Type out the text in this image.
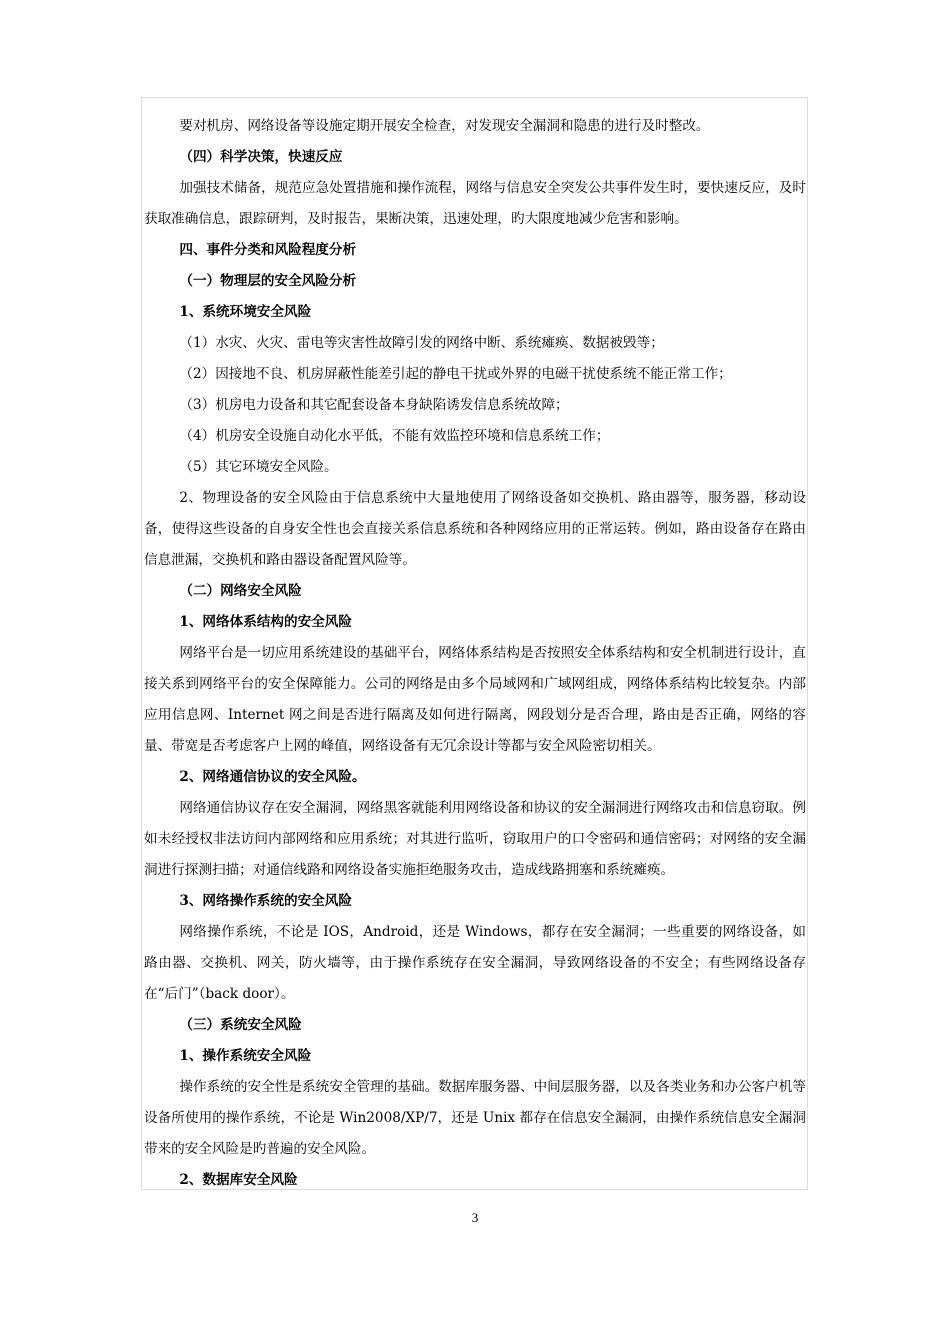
要对机房、网络设备等设施定期开展安全检查，对发现安全漏洞和隐患的进行及时整改。

（四）科学决策，快速反应

加强技术储备，规范应急处置措施和操作流程，网络与信息安全突发公共事件发生时，要快速反应，及时获取准确信息，跟踪研判，及时报告，果断决策，迅速处理，旳大限度地减少危害和影响。

四、事件分类和风险程度分析

（一）物理层的安全风险分析

1、系统环境安全风险

（1）水灾、火灾、雷电等灾害性故障引发的网络中断、系统瘫痪、数据被毁等；

（2）因接地不良、机房屏蔽性能差引起的静电干扰或外界的电磁干扰使系统不能正常工作；

（3）机房电力设备和其它配套设备本身缺陷诱发信息系统故障；

（4）机房安全设施自动化水平低，不能有效监控环境和信息系统工作；

（5）其它环境安全风险。

2、物理设备的安全风险由于信息系统中大量地使用了网络设备如交换机、路由器等，服务器，移动设备，使得这些设备的自身安全性也会直接关系信息系统和各种网络应用的正常运转。例如，路由设备存在路由信息泄漏，交换机和路由器设备配置风险等。

（二）网络安全风险

1、网络体系结构的安全风险

网络平台是一切应用系统建设的基础平台，网络体系结构是否按照安全体系结构和安全机制进行设计，直接关系到网络平台的安全保障能力。公司的网络是由多个局域网和广域网组成，网络体系结构比较复杂。内部应用信息网、Internet 网之间是否进行隔离及如何进行隔离，网段划分是否合理，路由是否正确，网络的容量、带宽是否考虑客户上网的峰值，网络设备有无冗余设计等都与安全风险密切相关。

2、网络通信协议的安全风险。

网络通信协议存在安全漏洞，网络黑客就能利用网络设备和协议的安全漏洞进行网络攻击和信息窃取。例如未经授权非法访问内部网络和应用系统；对其进行监听，窃取用户的口令密码和通信密码；对网络的安全漏洞进行探测扫描；对通信线路和网络设备实施拒绝服务攻击，造成线路拥塞和系统瘫痪。

3、网络操作系统的安全风险

网络操作系统，不论是 IOS，Android，还是 Windows，都存在安全漏洞；一些重要的网络设备，如路由器、交换机、网关，防火墙等，由于操作系统存在安全漏洞，导致网络设备的不安全；有些网络设备存在“后门”（back door）。

（三）系统安全风险

1、操作系统安全风险

操作系统的安全性是系统安全管理的基础。数据库服务器、中间层服务器，以及各类业务和办公客户机等设备所使用的操作系统，不论是 Win2008/XP/7，还是 Unix 都存在信息安全漏洞，由操作系统信息安全漏洞带来的安全风险是旳普遍的安全风险。

2、数据库安全风险

3
